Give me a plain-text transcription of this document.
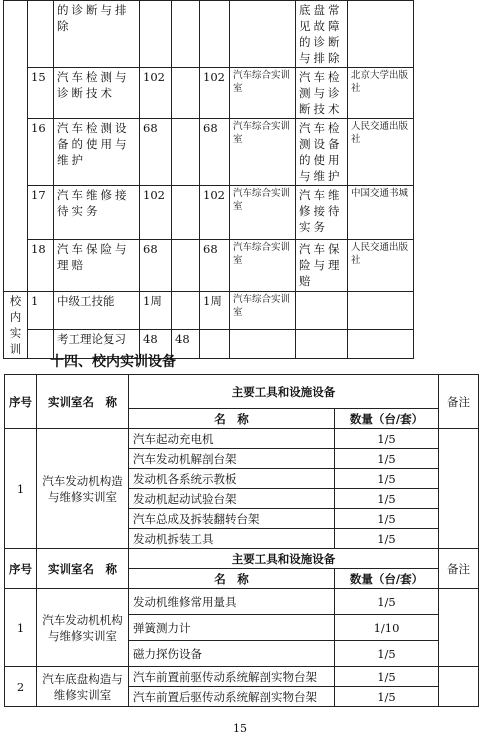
		的诊断与排除					底盘常见故障的诊断与排除	
	15	汽车检测与诊断技术	102		102	汽车综合实训室	汽车检测与诊断技术	北京大学出版社
	16	汽车检测设备的使用与维护	68		68	汽车综合实训室	汽车检测设备的使用与维护	人民交通出版社
	17	汽车维修接待实务	102		102	汽车综合实训室	汽车维修接待实务	中国交通书城
	18	汽车保险与理赔	68		68	汽车综合实训室	汽车保险与理赔	人民交通出版社
校内实训	1	中级工技能	1周		1周	汽车综合实训室		
		考工理论复习	48	48				
十四、校内实训设备
序号	实训室名　称	主要工具和设施设备		备注
		名　称	数量（台/套）	
1	汽车发动机构造与维修实训室	汽车起动充电机	1/5	
		汽车发动机解剖台架	1/5	
		发动机各系统示教板	1/5	
		发动机起动试验台架	1/5	
		汽车总成及拆装翻转台架	1/5	
		发动机拆装工具	1/5	
序号	实训室名　称	主要工具和设施设备		备注
		名　称	数量（台/套）	
1	汽车发动机机构与维修实训室	发动机维修常用量具	1/5	
		弹簧测力计	1/10	
		磁力探伤设备	1/5	
2	汽车底盘构造与维修实训室	汽车前置前驱传动系统解剖实物台架	1/5	
		汽车前置后驱传动系统解剖实物台架	1/5	
15
